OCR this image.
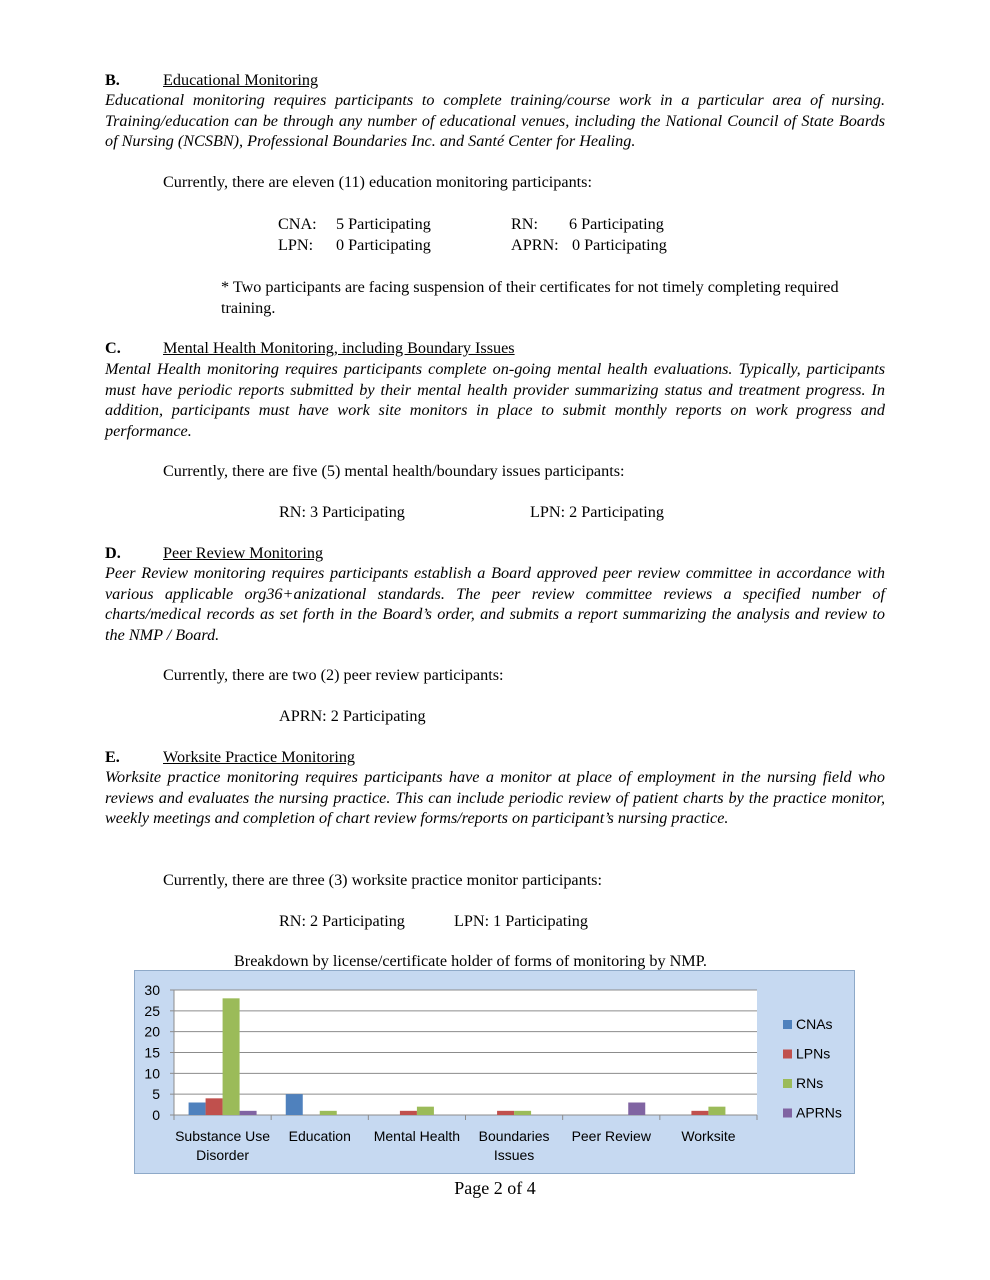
B.	Educational Monitoring
Educational monitoring requires participants to complete training/course work in a particular area of nursing. Training/education can be through any number of educational venues, including the National Council of State Boards of Nursing (NCSBN), Professional Boundaries Inc. and Santé Center for Healing.
Currently, there are eleven (11) education monitoring participants:
CNA: 5 Participating	RN: 6 Participating
LPN: 0 Participating	APRN: 0 Participating
* Two participants are facing suspension of their certificates for not timely completing required training.
C.	Mental Health Monitoring, including Boundary Issues
Mental Health monitoring requires participants complete on-going mental health evaluations. Typically, participants must have periodic reports submitted by their mental health provider summarizing status and treatment progress. In addition, participants must have work site monitors in place to submit monthly reports on work progress and performance.
Currently, there are five (5) mental health/boundary issues participants:
RN: 3 Participating	LPN: 2 Participating
D.	Peer Review Monitoring
Peer Review monitoring requires participants establish a Board approved peer review committee in accordance with various applicable org36+anizational standards. The peer review committee reviews a specified number of charts/medical records as set forth in the Board’s order, and submits a report summarizing the analysis and review to the NMP / Board.
Currently, there are two (2) peer review participants:
APRN: 2 Participating
E.	Worksite Practice Monitoring
Worksite practice monitoring requires participants have a monitor at place of employment in the nursing field who reviews and evaluates the nursing practice. This can include periodic review of patient charts by the practice monitor, weekly meetings and completion of chart review forms/reports on participant’s nursing practice.
Currently, there are three (3) worksite practice monitor participants:
RN: 2 Participating	LPN: 1 Participating
Breakdown by license/certificate holder of forms of monitoring by NMP.
0
5
10
15
20
25
30
Substance Use
Disorder
Education Mental Health Boundaries
Issues
Peer Review Worksite
CNAs
LPNs
RNs
APRNs
Page 2 of 4
